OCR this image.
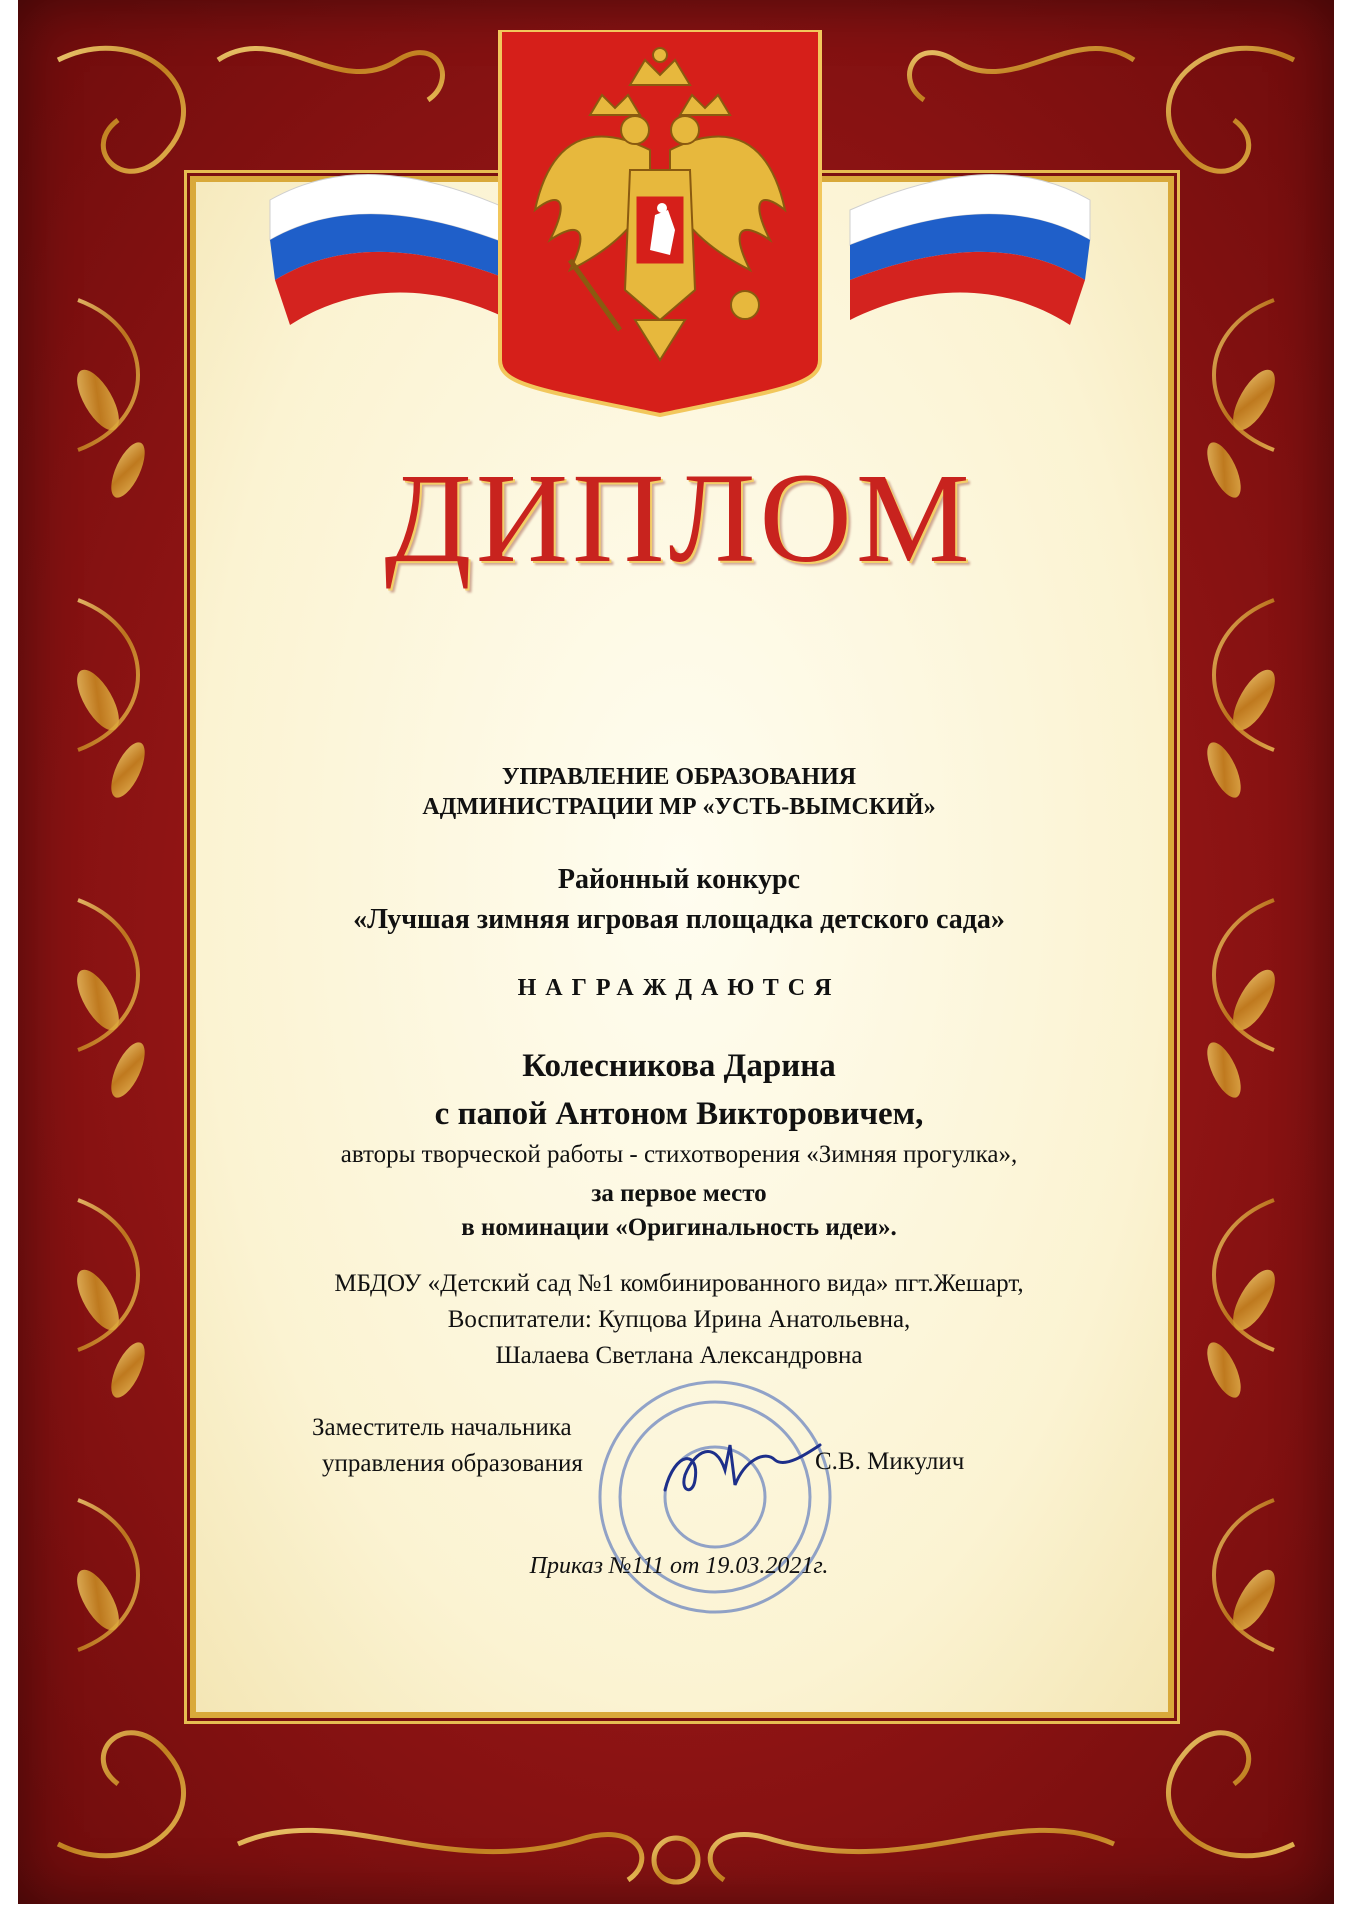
ДИПЛОМ
УПРАВЛЕНИЕ ОБРАЗОВАНИЯ
АДМИНИСТРАЦИИ МР «УСТЬ-ВЫМСКИЙ»
Районный конкурс
«Лучшая зимняя игровая площадка детского сада»
НАГРАЖДАЮТСЯ
Колесникова Дарина
с папой Антоном Викторовичем,
авторы творческой работы - стихотворения «Зимняя прогулка»,
за первое место
в номинации «Оригинальность идеи».
МБДОУ «Детский сад №1 комбинированного вида» пгт.Жешарт,
Воспитатели: Купцова Ирина Анатольевна,
Шалаева Светлана Александровна
Заместитель начальника
управления образования	С.В. Микулич
Приказ №111 от 19.03.2021г.
